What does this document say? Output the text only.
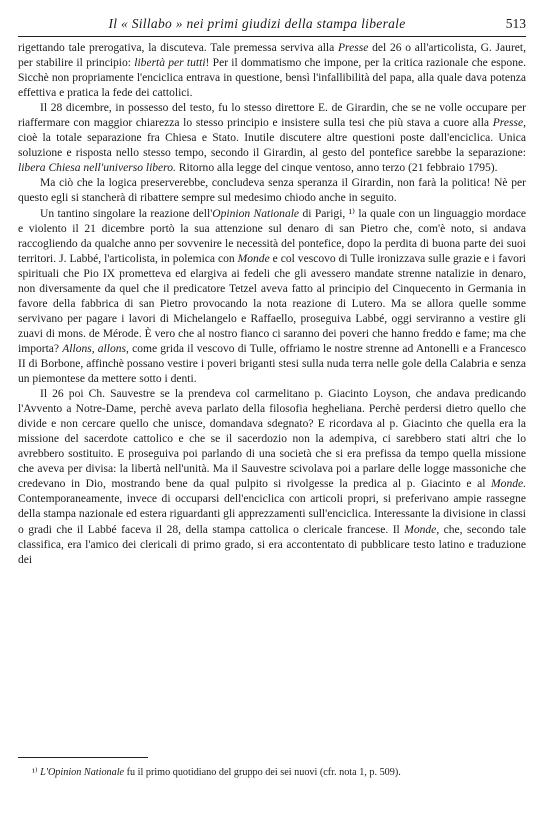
Il « Sillabo » nei primi giudizi della stampa liberale	513

rigettando tale prerogativa, la discuteva. Tale premessa serviva alla Presse del 26 o all'articolista, G. Jauret, per stabilire il principio: libertà per tutti! Per il dommatismo che impone, per la critica razionale che espone. Sicchè non propriamente l'enciclica entrava in questione, bensì l'infallibilità del papa, alla quale dava potenza effettiva e pratica la fede dei cattolici.

Il 28 dicembre, in possesso del testo, fu lo stesso direttore E. de Girardin, che se ne volle occupare per riaffermare con maggior chiarezza lo stesso principio e insistere sulla tesi che più stava a cuore alla Presse, cioè la totale separazione fra Chiesa e Stato. Inutile discutere altre questioni poste dall'enciclica. Unica soluzione e risposta nello stesso tempo, secondo il Girardin, al gesto del pontefice sarebbe la separazione: libera Chiesa nell'universo libero. Ritorno alla legge del cinque ventoso, anno terzo (21 febbraio 1795).

Ma ciò che la logica preserverebbe, concludeva senza speranza il Girardin, non farà la politica! Nè per questo egli si stancherà di ribattere sempre sul medesimo chiodo anche in seguito.

Un tantino singolare la reazione dell'Opinion Nationale di Parigi, ¹⁾ la quale con un linguaggio mordace e violento il 21 dicembre portò la sua attenzione sul denaro di san Pietro che, com'è noto, si andava raccogliendo da qualche anno per sovvenire le necessità del pontefice, dopo la perdita di buona parte dei suoi territori. J. Labbé, l'articolista, in polemica con Monde e col vescovo di Tulle ironizzava sulle grazie e i favori spirituali che Pio IX prometteva ed elargiva ai fedeli che gli avessero mandate strenne natalizie in denaro, non diversamente da quel che il predicatore Tetzel aveva fatto al principio del Cinquecento in Germania in favore della fabbrica di san Pietro provocando la nota reazione di Lutero. Ma se allora quelle somme servivano per pagare i lavori di Michelangelo e Raffaello, proseguiva Labbé, oggi serviranno a vestire gli zuavi di mons. de Mérode. È vero che al nostro fianco ci saranno dei poveri che hanno freddo e fame; ma che importa? Allons, allons, come grida il vescovo di Tulle, offriamo le nostre strenne ad Antonelli e a Francesco II di Borbone, affinchè possano vestire i poveri briganti stesi sulla nuda terra nelle gole della Calabria e senza un piemontese da mettere sotto i denti.

Il 26 poi Ch. Sauvestre se la prendeva col carmelitano p. Giacinto Loyson, che andava predicando l'Avvento a Notre-Dame, perchè aveva parlato della filosofia hegheliana. Perchè perdersi dietro quello che divide e non cercare quello che unisce, domandava sdegnato? E ricordava al p. Giacinto che quella era la missione del sacerdote cattolico e che se il sacerdozio non la adempiva, ci sarebbero stati altri che lo avrebbero sostituito. E proseguiva poi parlando di una società che si era prefissa da tempo quella missione che aveva per divisa: la libertà nell'unità. Ma il Sauvestre scivolava poi a parlare delle logge massoniche che credevano in Dio, mostrando bene da qual pulpito si rivolgesse la predica al p. Giacinto e al Monde. Contemporaneamente, invece di occuparsi dell'enciclica con articoli propri, si preferivano ampie rassegne della stampa nazionale ed estera riguardanti gli apprezzamenti sull'enciclica. Interessante la divisione in classi o gradi che il Labbé faceva il 28, della stampa cattolica o clericale francese. Il Monde, che, secondo tale classifica, era l'amico dei clericali di primo grado, si era accontentato di pubblicare testo latino e traduzione dei

¹⁾ L'Opinion Nationale fu il primo quotidiano del gruppo dei sei nuovi (cfr. nota 1, p. 509).
